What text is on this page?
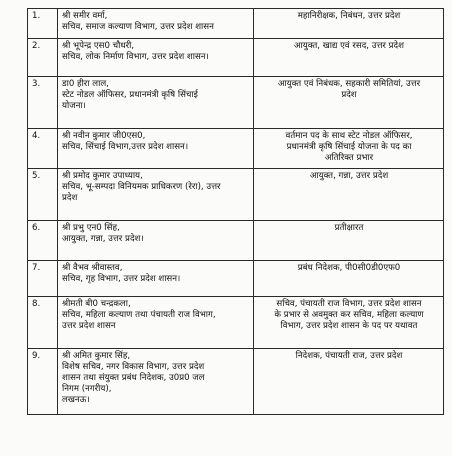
1.	श्री समीर वर्मा,
सचिव, समाज कल्याण विभाग, उत्तर प्रदेश शासन	महानिरीक्षक, निबंधन, उत्तर प्रदेश

2.	श्री भूपेन्द्र एस0 चौधरी,
सचिव, लोक निर्माण विभाग, उत्तर प्रदेश शासन।	आयुक्त, खाद्य एवं रसद, उत्तर प्रदेश

3.	डा0 हीरा लाल,
स्टेट नोडल ऑफिसर, प्रधानमंत्री कृषि सिंचाई
योजना।	आयुक्त एवं निबंधक, सहकारी समितियां, उत्तर
प्रदेश

4.	श्री नवीन कुमार जी0एस0,
सचिव, सिंचाई विभाग,उत्तर प्रदेश शासन।	वर्तमान पद के साथ स्टेट नोडल ऑफिसर,
प्रधानमंत्री कृषि सिंचाई योजना के पद का
अतिरिक्त प्रभार

5.	श्री प्रमोद कुमार उपाध्याय,
सचिव, भू-सम्पदा विनियमक प्राधिकरण (रेरा), उत्तर
प्रदेश	आयुक्त, गन्ना, उत्तर प्रदेश

6.	श्री प्रभु एन0 सिंह,
आयुक्त, गन्ना, उत्तर प्रदेश।	प्रतीक्षारत

7.	श्री वैभव श्रीवास्तव,
सचिव, गृह विभाग, उत्तर प्रदेश शासन।	प्रबंध निदेशक, पी0सी0डी0एफ0

8.	श्रीमती बी0 चन्द्रकला,
सचिव, महिला कल्याण तथा पंचायती राज विभाग,
उत्तर प्रदेश शासन	सचिव, पंचायती राज विभाग, उत्तर प्रदेश शासन
के प्रभार से अवमुक्त कर सचिव, महिला कल्याण
विभाग, उत्तर प्रदेश शासन के पद पर यथावत

9.	श्री अमित कुमार सिंह,
विशेष सचिव, नगर विकास विभाग, उत्तर प्रदेश
शासन तथा संयुक्त प्रबंध निदेशक, उ0प्र0 जल
निगम (नगरीय),
लखनऊ।	निदेशक, पंचायती राज, उत्तर प्रदेश
